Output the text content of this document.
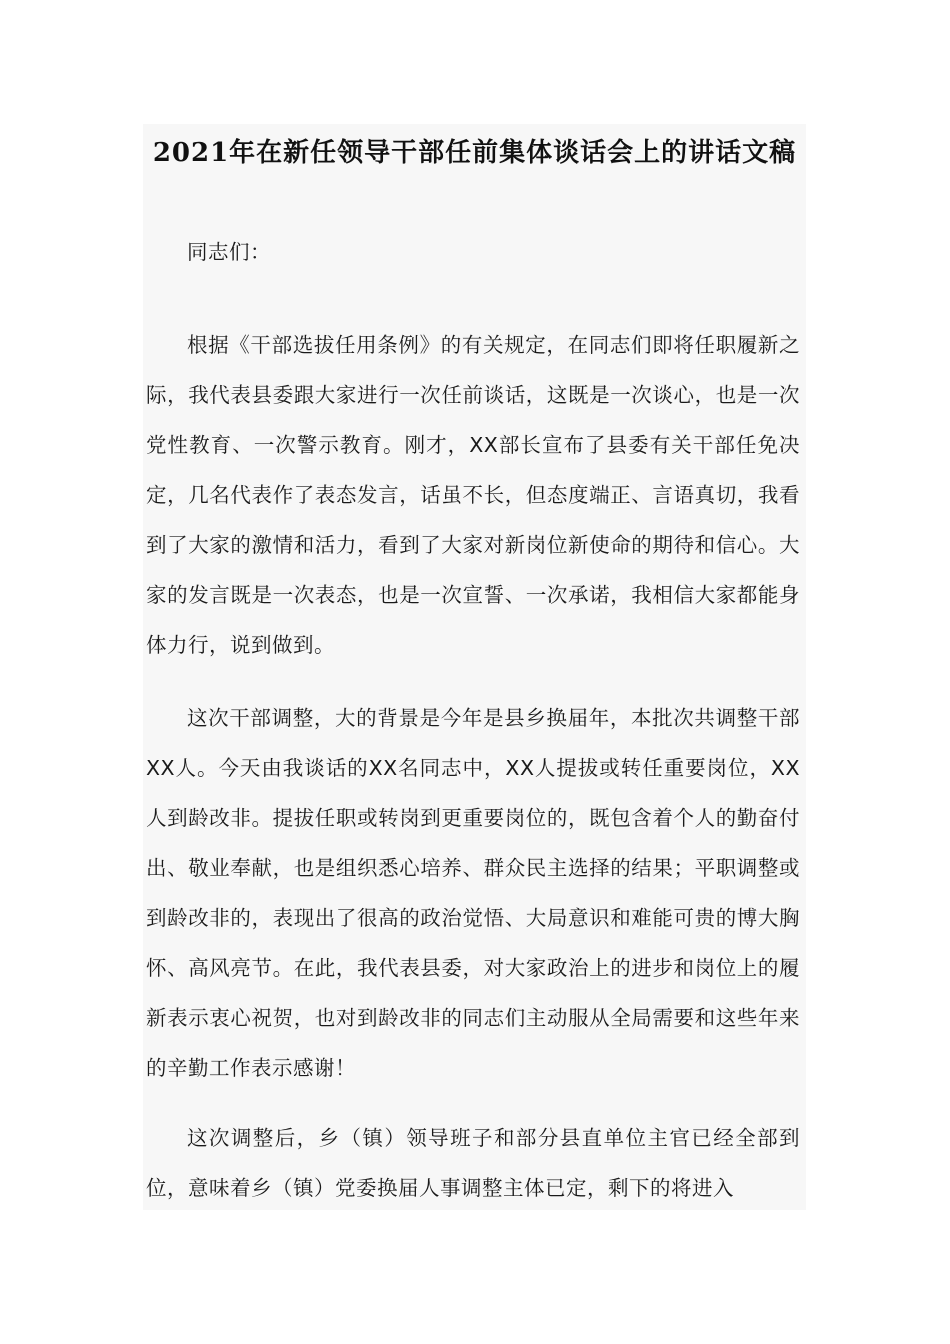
2021年在新任领导干部任前集体谈话会上的讲话文稿

同志们：

根据《干部选拔任用条例》的有关规定，在同志们即将任职履新之际，我代表县委跟大家进行一次任前谈话，这既是一次谈心，也是一次党性教育、一次警示教育。刚才，XX部长宣布了县委有关干部任免决定，几名代表作了表态发言，话虽不长，但态度端正、言语真切，我看到了大家的激情和活力，看到了大家对新岗位新使命的期待和信心。大家的发言既是一次表态，也是一次宣誓、一次承诺，我相信大家都能身体力行，说到做到。

这次干部调整，大的背景是今年是县乡换届年，本批次共调整干部XX人。今天由我谈话的XX名同志中，XX人提拔或转任重要岗位，XX人到龄改非。提拔任职或转岗到更重要岗位的，既包含着个人的勤奋付出、敬业奉献，也是组织悉心培养、群众民主选择的结果；平职调整或到龄改非的，表现出了很高的政治觉悟、大局意识和难能可贵的博大胸怀、高风亮节。在此，我代表县委，对大家政治上的进步和岗位上的履新表示衷心祝贺，也对到龄改非的同志们主动服从全局需要和这些年来的辛勤工作表示感谢！

这次调整后，乡（镇）领导班子和部分县直单位主官已经全部到位，意味着乡（镇）党委换届人事调整主体已定，剩下的将进入
